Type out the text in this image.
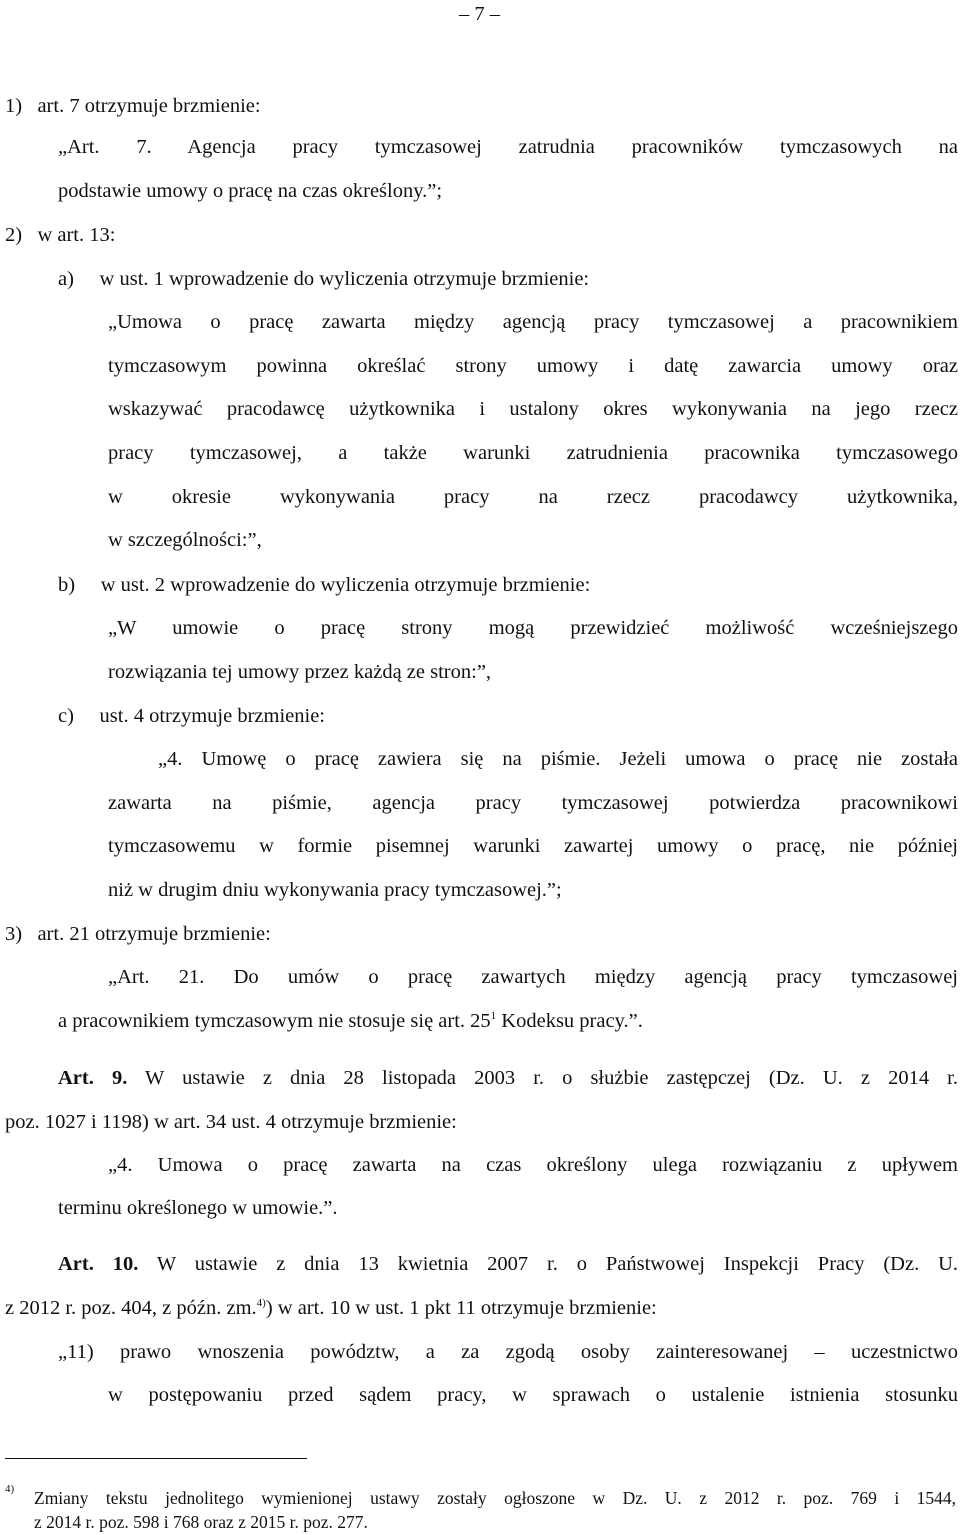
– 7 –
1)   art. 7 otrzymuje brzmienie:
„Art. 7. Agencja pracy tymczasowej zatrudnia pracowników tymczasowych na
podstawie umowy o pracę na czas określony.”;
2)   w art. 13:
a)     w ust. 1 wprowadzenie do wyliczenia otrzymuje brzmienie:
„Umowa o pracę zawarta między agencją pracy tymczasowej a pracownikiem
tymczasowym powinna określać strony umowy i datę zawarcia umowy oraz
wskazywać pracodawcę użytkownika i ustalony okres wykonywania na jego rzecz
pracy tymczasowej, a także warunki zatrudnienia pracownika tymczasowego
w okresie wykonywania pracy na rzecz pracodawcy użytkownika,
w szczególności:”,
b)     w ust. 2 wprowadzenie do wyliczenia otrzymuje brzmienie:
„W umowie o pracę strony mogą przewidzieć możliwość wcześniejszego
rozwiązania tej umowy przez każdą ze stron:”,
c)     ust. 4 otrzymuje brzmienie:
„4. Umowę o pracę zawiera się na piśmie. Jeżeli umowa o pracę nie została
zawarta na piśmie, agencja pracy tymczasowej potwierdza pracownikowi
tymczasowemu w formie pisemnej warunki zawartej umowy o pracę, nie później
niż w drugim dniu wykonywania pracy tymczasowej.”;
3)   art. 21 otrzymuje brzmienie:
„Art. 21. Do umów o pracę zawartych między agencją pracy tymczasowej
a pracownikiem tymczasowym nie stosuje się art. $25^1$ Kodeksu pracy.”.
Art. 9. W ustawie z dnia 28 listopada 2003 r. o służbie zastępczej (Dz. U. z 2014 r.
poz. 1027 i 1198) w art. 34 ust. 4 otrzymuje brzmienie:
„4. Umowa o pracę zawarta na czas określony ulega rozwiązaniu z upływem
terminu określonego w umowie.”.
Art. 10. W ustawie z dnia 13 kwietnia 2007 r. o Państwowej Inspekcji Pracy (Dz. U.
z 2012 r. poz. 404, z późn. zm.$^{4)}$) w art. 10 w ust. 1 pkt 11 otrzymuje brzmienie:
„11) prawo wnoszenia powództw, a za zgodą osoby zainteresowanej – uczestnictwo
w postępowaniu przed sądem pracy, w sprawach o ustalenie istnienia stosunku
4) Zmiany tekstu jednolitego wymienionej ustawy zostały ogłoszone w Dz. U. z 2012 r. poz. 769 i 1544,
z 2014 r. poz. 598 i 768 oraz z 2015 r. poz. 277.
